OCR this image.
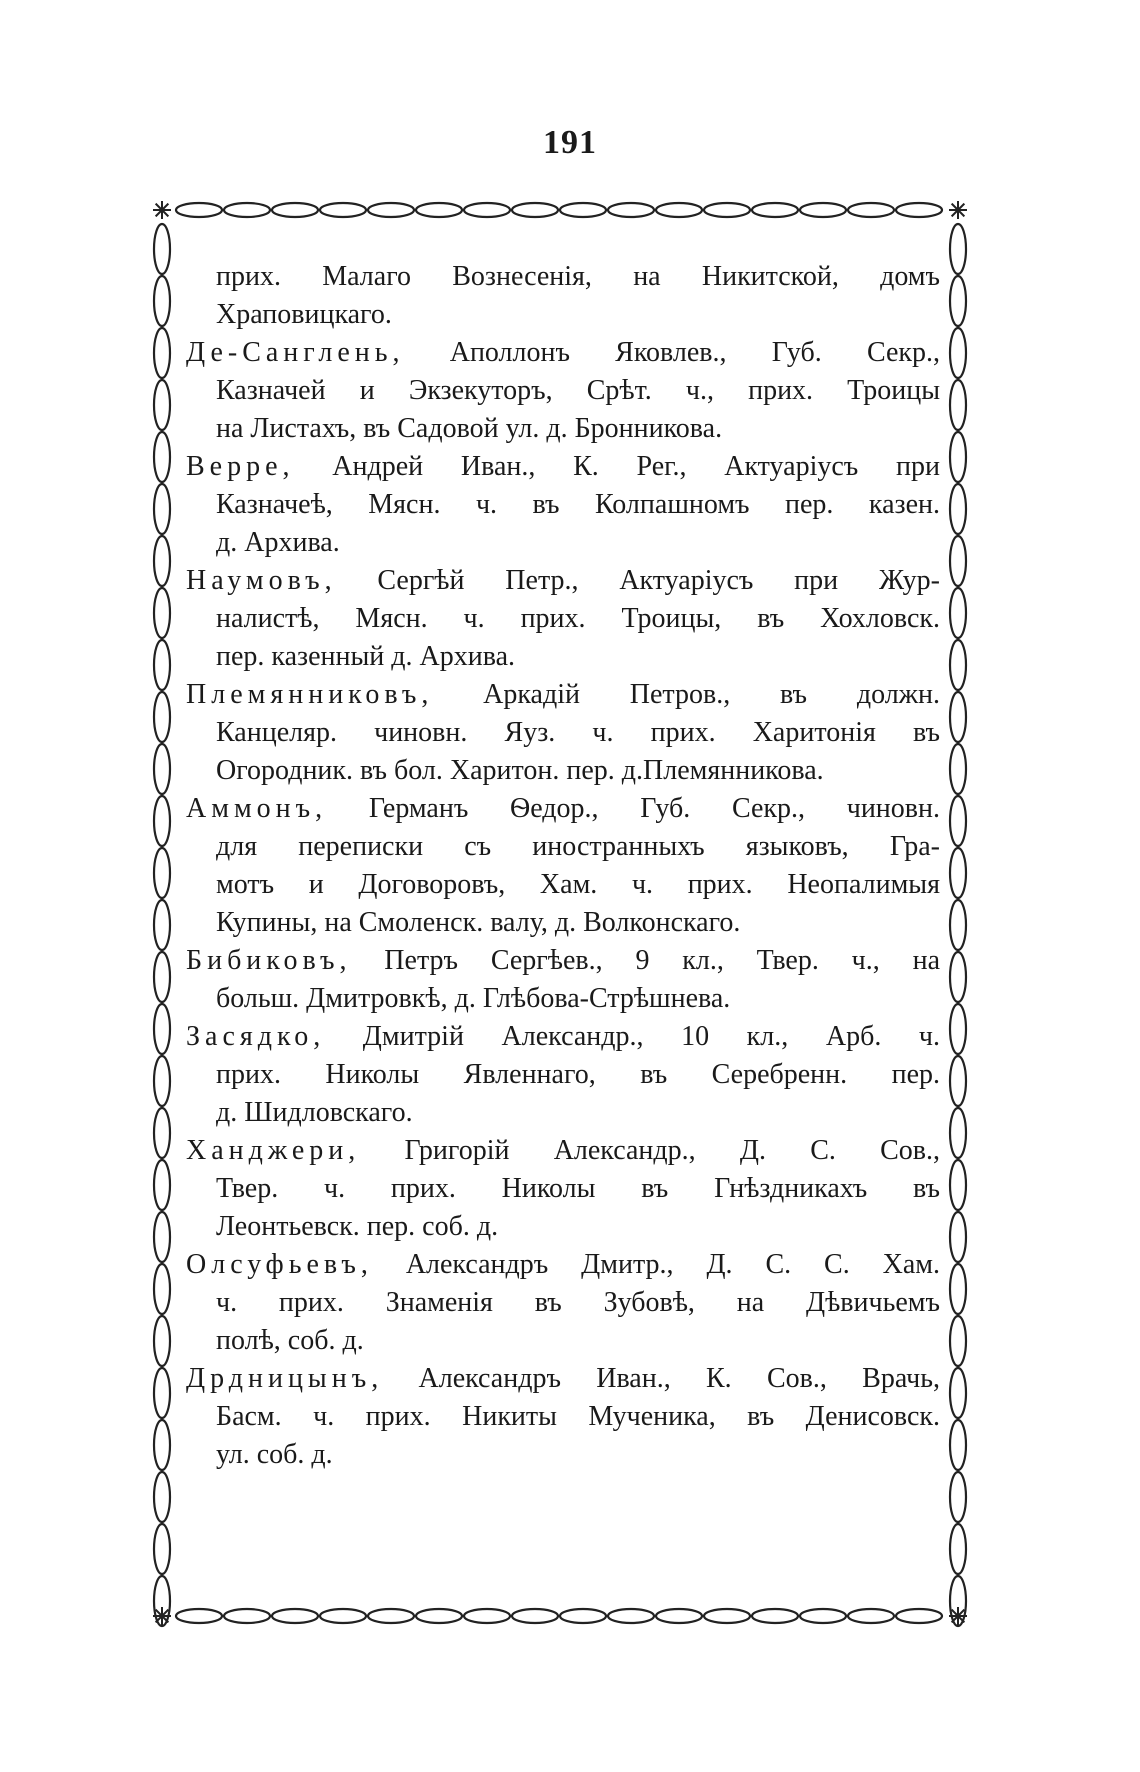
191
прих. Малаго Вознесенія, на Никитской, домъ
Храповицкаго.
Де-Санглень, Аполлонъ Яковлев., Губ. Секр.,
Казначей и Экзекуторъ, Срѣт. ч., прих. Троицы
на Листахъ, въ Садовой ул. д. Бронникова.
Верре, Андрей Иван., К. Рег., Актуаріусъ при
Казначеѣ, Мясн. ч. въ Колпашномъ пер. казен.
д. Архива.
Наумовъ, Сергѣй Петр., Актуаріусъ при Жур-
налистѣ, Мясн. ч. прих. Троицы, въ Хохловск.
пер. казенный д. Архива.
Племянниковъ, Аркадій Петров., въ должн.
Канцеляр. чиновн. Яуз. ч. прих. Харитонія въ
Огородник. въ бол. Харитон. пер. д.Племянникова.
Аммонъ, Германъ Ѳедор., Губ. Секр., чиновн.
для переписки съ иностранныхъ языковъ, Гра-
мотъ и Договоровъ, Хам. ч. прих. Неопалимыя
Купины, на Смоленск. валу, д. Волконскаго.
Бибиковъ, Петръ Сергѣев., 9 кл., Твер. ч., на
больш. Дмитровкѣ, д. Глѣбова-Стрѣшнева.
Засядко, Дмитрій Александр., 10 кл., Арб. ч.
прих. Николы Явленнаго, въ Серебренн. пер.
д. Шидловскаго.
Ханджери, Григорій Александр., Д. С. Сов.,
Твер. ч. прих. Николы въ Гнѣздникахъ въ
Леонтьевск. пер. соб. д.
Олсуфьевъ, Александръ Дмитр., Д. С. С. Хам.
ч. прих. Знаменія въ Зубовѣ, на Дѣвичьемъ
полѣ, соб. д.
Дрдницынъ, Александръ Иван., К. Сов., Врачь,
Басм. ч. прих. Никиты Мученика, въ Денисовск.
ул. соб. д.
